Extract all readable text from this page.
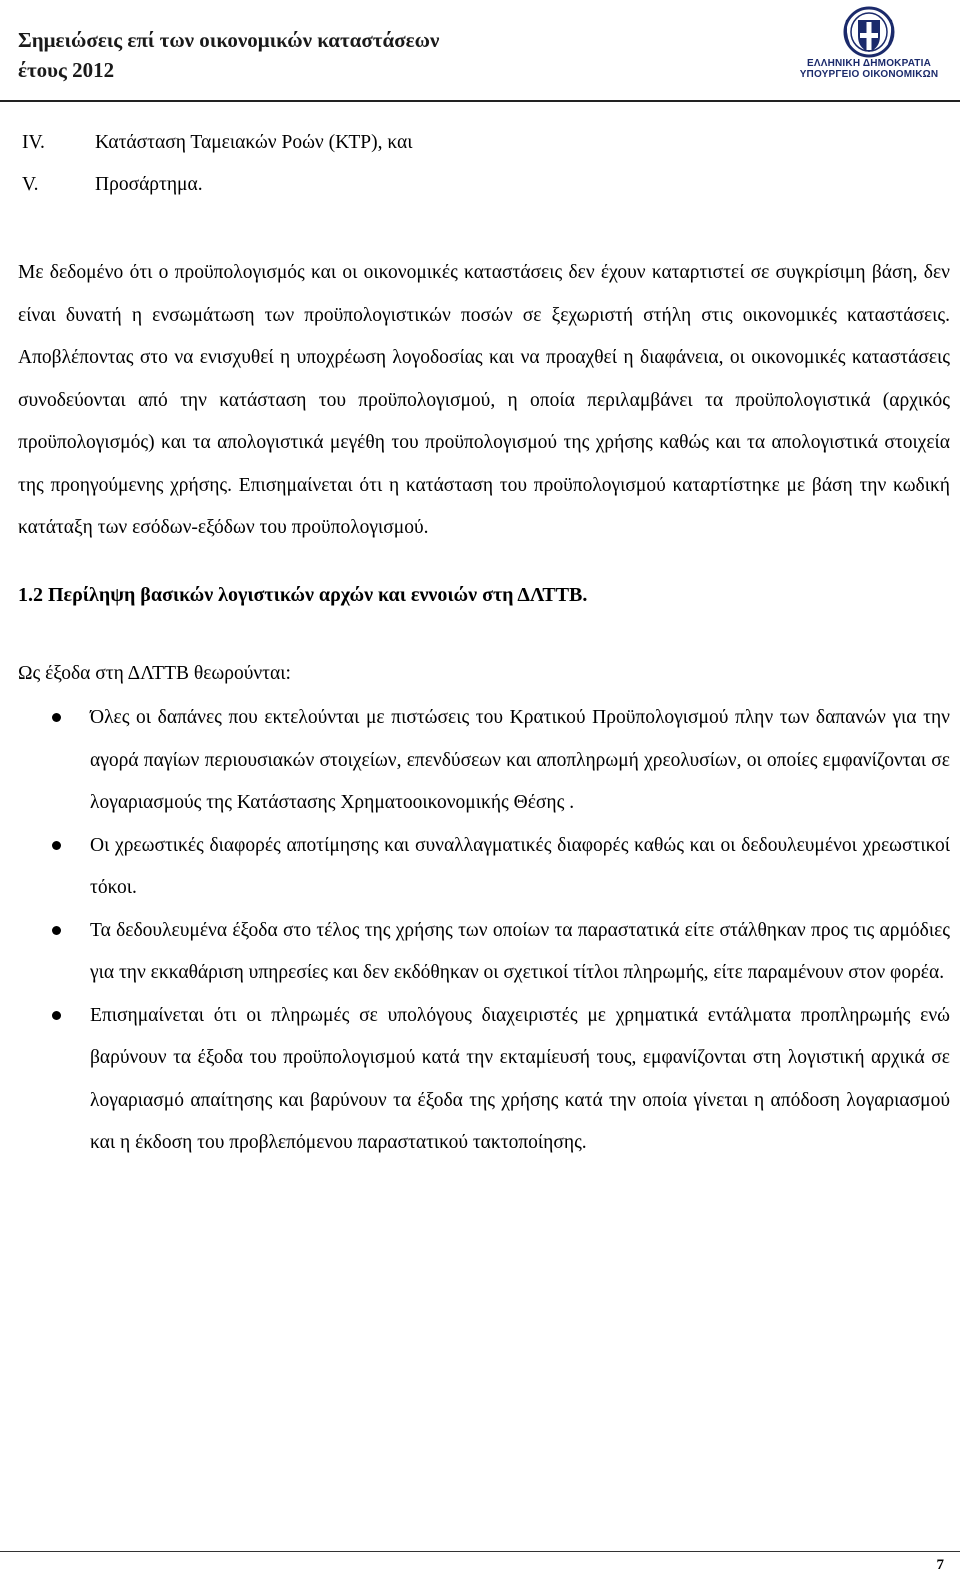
Σημειώσεις επί των οικονομικών καταστάσεων
έτους 2012	ΕΛΛΗΝΙΚΗ ΔΗΜΟΚΡΑΤΙΑ
ΥΠΟΥΡΓΕΙΟ ΟΙΚΟΝΟΜΙΚΩΝ
IV.	Κατάσταση Ταμειακών Ροών (ΚΤΡ), και
V.	Προσάρτημα.

Με δεδομένο ότι ο προϋπολογισμός και οι οικονομικές καταστάσεις δεν έχουν καταρτιστεί σε συγκρίσιμη βάση, δεν είναι δυνατή η ενσωμάτωση των προϋπολογιστικών ποσών σε ξεχωριστή στήλη στις οικονομικές καταστάσεις. Αποβλέποντας στο να ενισχυθεί η υποχρέωση λογοδοσίας και να προαχθεί η διαφάνεια, οι οικονομικές καταστάσεις συνοδεύονται από την κατάσταση του προϋπολογισμού, η οποία περιλαμβάνει τα προϋπολογιστικά (αρχικός προϋπολογισμός) και τα απολογιστικά μεγέθη του προϋπολογισμού της χρήσης καθώς και τα απολογιστικά στοιχεία της προηγούμενης χρήσης. Επισημαίνεται ότι η κατάσταση του προϋπολογισμού καταρτίστηκε με βάση την κωδική κατάταξη των εσόδων-εξόδων του προϋπολογισμού.

1.2 Περίληψη βασικών λογιστικών αρχών και εννοιών στη ΔΛΤΤΒ.

Ως έξοδα στη ΔΛΤΤΒ θεωρούνται:

Όλες οι δαπάνες που εκτελούνται με πιστώσεις του Κρατικού Προϋπολογισμού πλην των δαπανών για την αγορά παγίων περιουσιακών στοιχείων, επενδύσεων και αποπληρωμή χρεολυσίων, οι οποίες εμφανίζονται σε λογαριασμούς της Κατάστασης Χρηματοοικονομικής Θέσης .
Οι χρεωστικές διαφορές αποτίμησης και συναλλαγματικές διαφορές καθώς και οι δεδουλευμένοι χρεωστικοί τόκοι.
Τα δεδουλευμένα έξοδα στο τέλος της χρήσης των οποίων τα παραστατικά είτε στάλθηκαν προς τις αρμόδιες για την εκκαθάριση υπηρεσίες και δεν εκδόθηκαν οι σχετικοί τίτλοι πληρωμής, είτε παραμένουν στον φορέα.
Επισημαίνεται ότι οι πληρωμές σε υπολόγους διαχειριστές με χρηματικά εντάλματα προπληρωμής ενώ βαρύνουν τα έξοδα του προϋπολογισμού κατά την εκταμίευσή τους, εμφανίζονται στη λογιστική αρχικά σε λογαριασμό απαίτησης και βαρύνουν τα έξοδα της χρήσης κατά την οποία γίνεται η απόδοση λογαριασμού και η έκδοση του προβλεπόμενου παραστατικού τακτοποίησης.
7
